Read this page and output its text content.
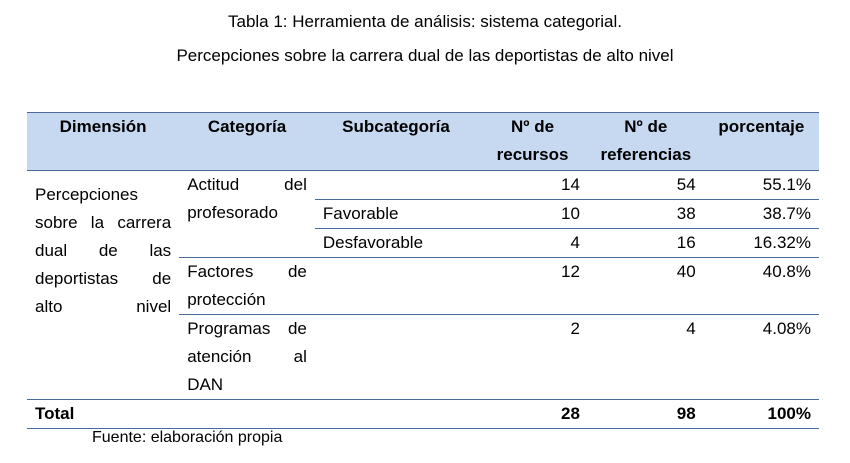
Tabla 1: Herramienta de análisis: sistema categorial.
Percepciones sobre la carrera dual de las deportistas de alto nivel
Dimensión	Categoría	Subcategoría	Nº de recursos	Nº de referencias	porcentaje
Percepciones sobre la carrera dual de las deportistas de alto nivel	Actitud del profesorado		14	54	55.1%
		Favorable	10	38	38.7%
		Desfavorable	4	16	16.32%
	Factores de protección		12	40	40.8%
	Programas de atención al DAN		2	4	4.08%
Total			28	98	100%
Fuente: elaboración propia
